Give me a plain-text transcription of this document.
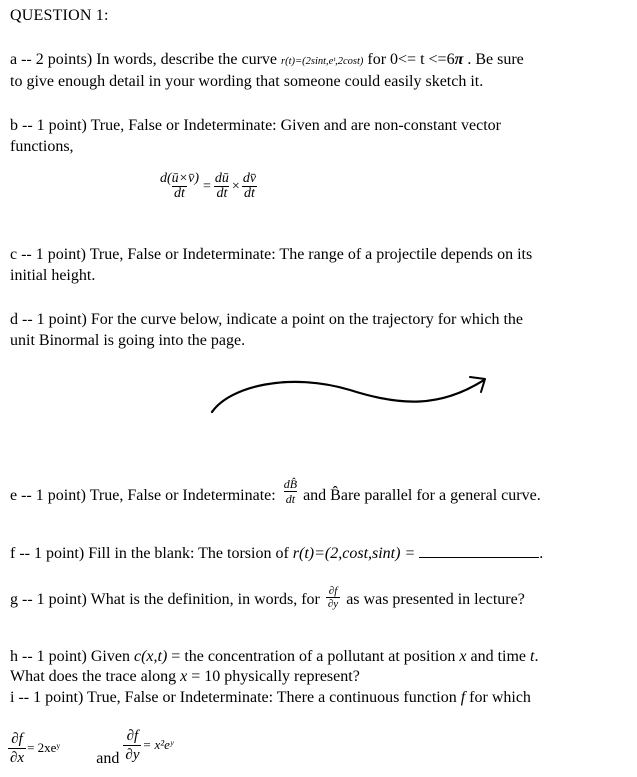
QUESTION 1:
a -- 2 points) In words, describe the curve r(t)=(2sint,eᵗ,2cost) for 0<= t <=6π . Be sure
to give enough detail in your wording that someone could easily sketch it.
b -- 1 point) True, False or Indeterminate: Given and are non-constant vector
functions,
$\frac{d(ū\times v̄)}{dt} = \frac{dū}{dt} \times \frac{dv̄}{dt}$
c -- 1 point) True, False or Indeterminate: The range of a projectile depends on its
initial height.
d -- 1 point) For the curve below, indicate a point on the trajectory for which the
unit Binormal is going into the page.
e -- 1 point) True, False or Indeterminate: $\frac{dB̂}{dt}$ and B̂ are parallel for a general curve.
f -- 1 point) Fill in the blank: The torsion of r(t)=(2,cost,sint) =	.
g -- 1 point) What is the definition, in words, for $\frac{\partial f}{\partial y}$ as was presented in lecture?
h -- 1 point) Given c(x,t) = the concentration of a pollutant at position x and time t.
What does the trace along x = 10 physically represent?
i -- 1 point) True, False or Indeterminate: There a continuous function f for which
$\frac{\partial f}{\partial x}$ = 2xeʸ
and $\frac{\partial f}{\partial y}$ = x²eʸ
